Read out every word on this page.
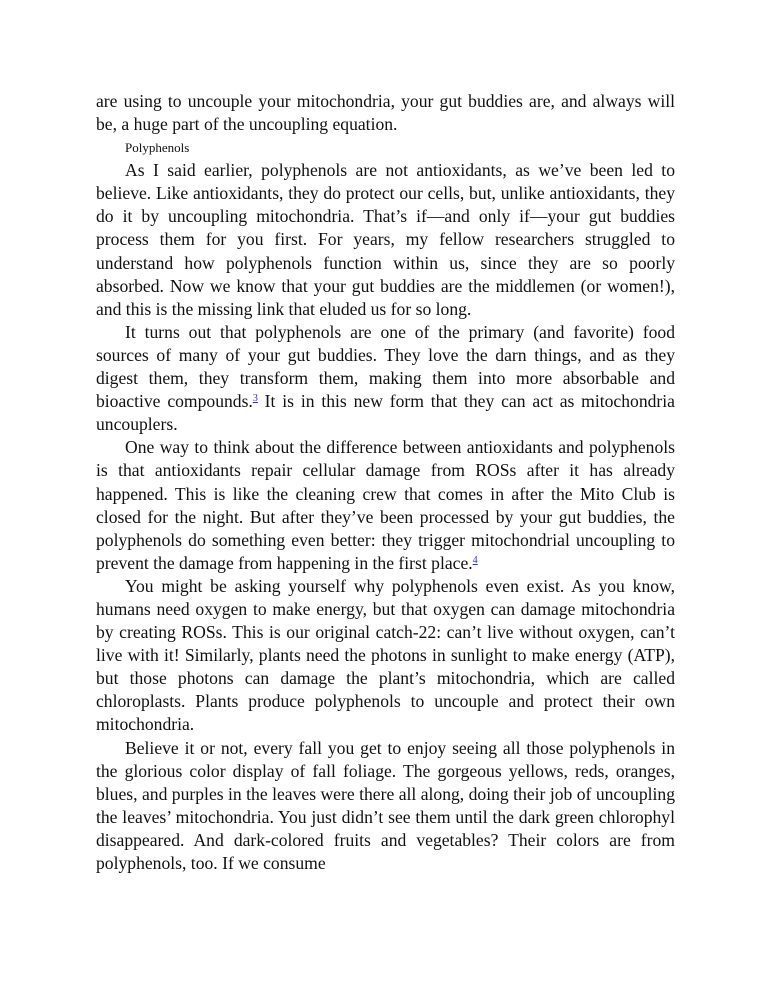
are using to uncouple your mitochondria, your gut buddies are, and always will be, a huge part of the uncoupling equation.

Polyphenols

As I said earlier, polyphenols are not antioxidants, as we’ve been led to believe. Like antioxidants, they do protect our cells, but, unlike antioxidants, they do it by uncoupling mitochondria. That’s if—and only if—your gut buddies process them for you first. For years, my fellow researchers struggled to understand how polyphenols function within us, since they are so poorly absorbed. Now we know that your gut buddies are the middlemen (or women!), and this is the missing link that eluded us for so long.

It turns out that polyphenols are one of the primary (and favorite) food sources of many of your gut buddies. They love the darn things, and as they digest them, they transform them, making them into more absorbable and bioactive compounds.$^3$ It is in this new form that they can act as mitochondria uncouplers.

One way to think about the difference between antioxidants and polyphenols is that antioxidants repair cellular damage from ROSs after it has already happened. This is like the cleaning crew that comes in after the Mito Club is closed for the night. But after they’ve been processed by your gut buddies, the polyphenols do something even better: they trigger mitochondrial uncoupling to prevent the damage from happening in the first place.$^4$

You might be asking yourself why polyphenols even exist. As you know, humans need oxygen to make energy, but that oxygen can damage mitochondria by creating ROSs. This is our original catch-22: can’t live without oxygen, can’t live with it! Similarly, plants need the photons in sunlight to make energy (ATP), but those photons can damage the plant’s mitochondria, which are called chloroplasts. Plants produce polyphenols to uncouple and protect their own mitochondria.

Believe it or not, every fall you get to enjoy seeing all those polyphenols in the glorious color display of fall foliage. The gorgeous yellows, reds, oranges, blues, and purples in the leaves were there all along, doing their job of uncoupling the leaves’ mitochondria. You just didn’t see them until the dark green chlorophyl disappeared. And dark-colored fruits and vegetables? Their colors are from polyphenols, too. If we consume
